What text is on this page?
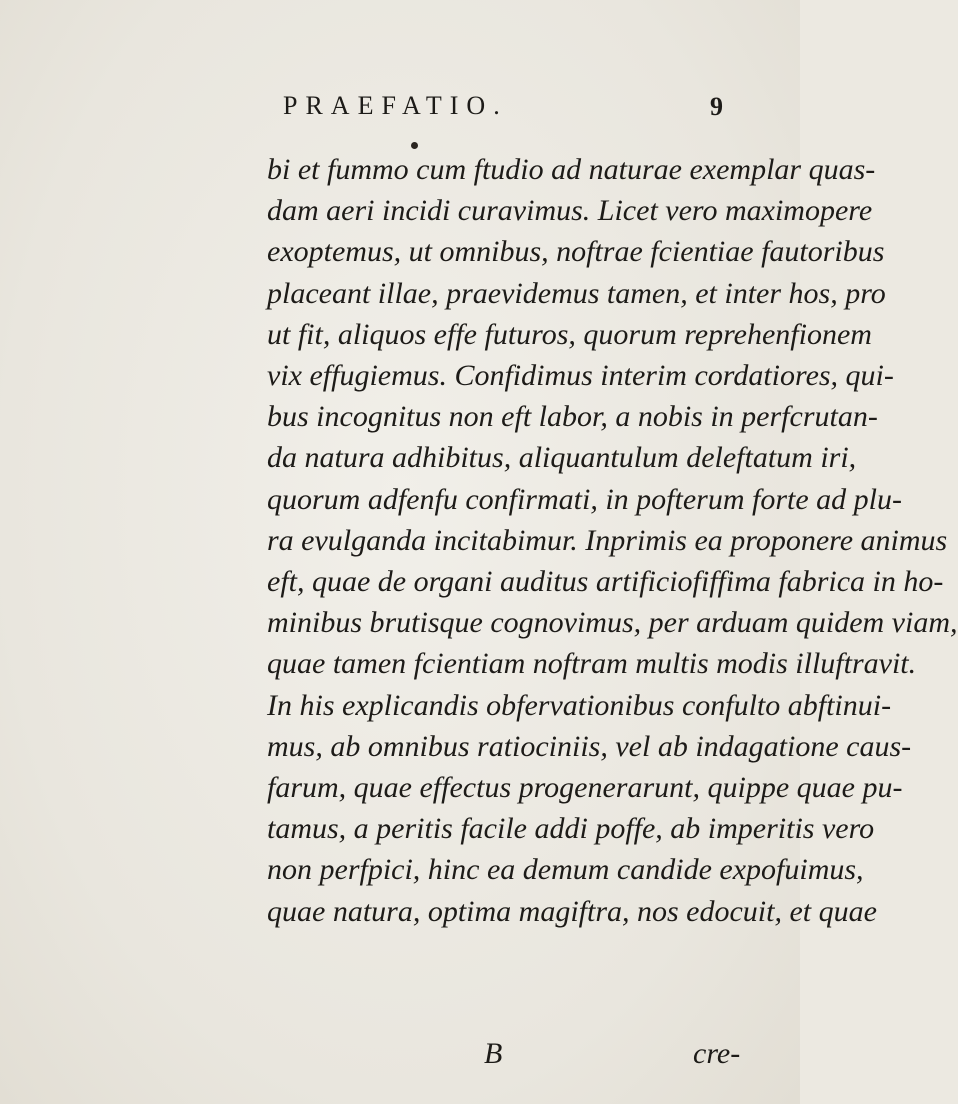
PRAEFATIO.	9
bi et fummo cum ftudio ad naturae exemplar quas-
dam aeri incidi curavimus. Licet vero maximopere
exoptemus, ut omnibus, noftrae fcientiae fautoribus
placeant illae, praevidemus tamen, et inter hos, pro
ut fit, aliquos effe futuros, quorum reprehenfionem
vix effugiemus. Confidimus interim cordatiores, qui-
bus incognitus non eft labor, a nobis in perfcrutan-
da natura adhibitus, aliquantulum deleftatum iri,
quorum adfenfu confirmati, in pofterum forte ad plu-
ra evulganda incitabimur. Inprimis ea proponere animus
eft, quae de organi auditus artificiofiffima fabrica in ho-
minibus brutisque cognovimus, per arduam quidem viam,
quae tamen fcientiam noftram multis modis illuftravit.
In his explicandis obfervationibus confulto abftinui-
mus, ab omnibus ratiociniis, vel ab indagatione caus-
farum, quae effectus progenerarunt, quippe quae pu-
tamus, a peritis facile addi poffe, ab imperitis vero
non perfpici, hinc ea demum candide expofuimus,
quae natura, optima magiftra, nos edocuit, et quae
B	cre-
